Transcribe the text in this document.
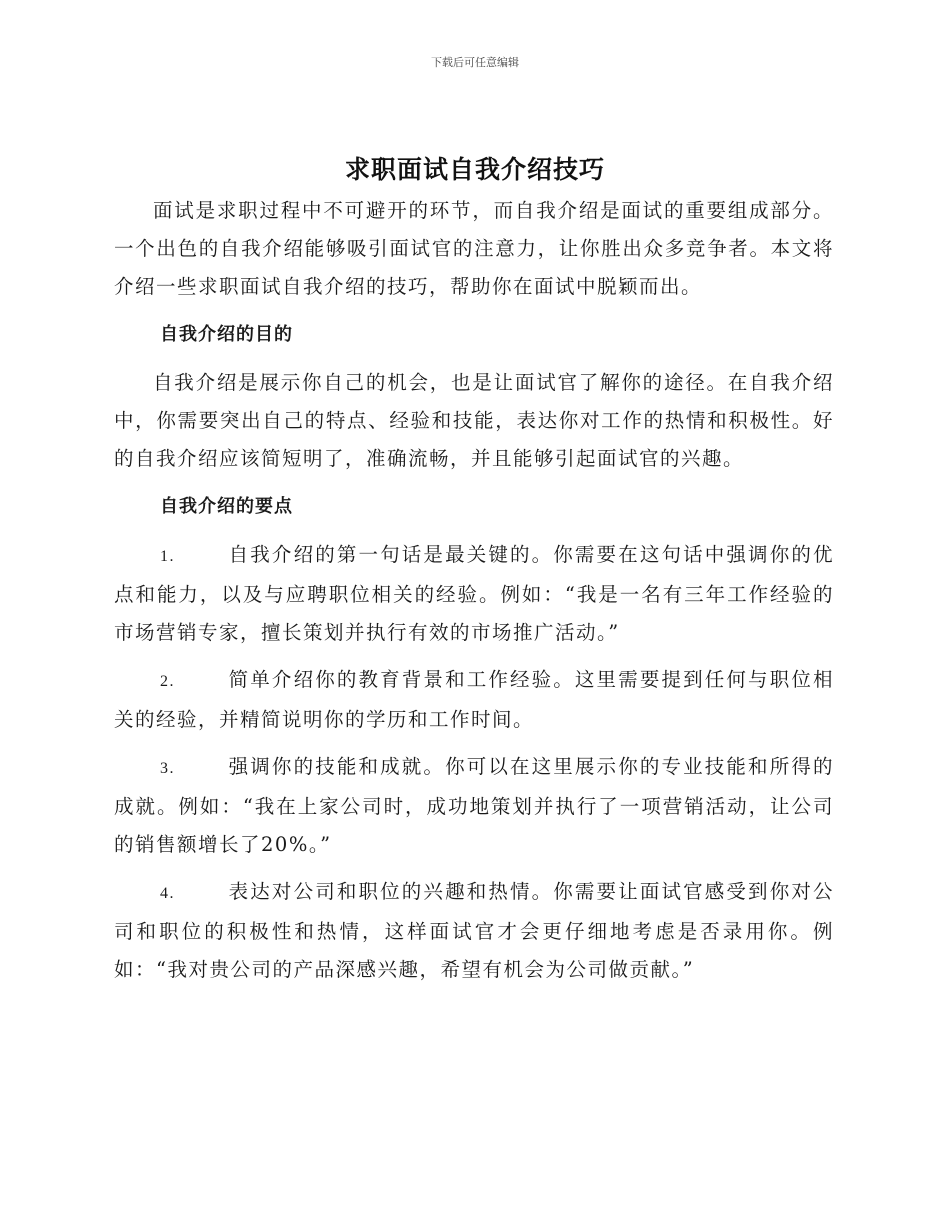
下载后可任意编辑
求职面试自我介绍技巧

面试是求职过程中不可避开的环节，而自我介绍是面试的重要组成部分。一个出色的自我介绍能够吸引面试官的注意力，让你胜出众多竞争者。本文将介绍一些求职面试自我介绍的技巧，帮助你在面试中脱颖而出。

自我介绍的目的

自我介绍是展示你自己的机会，也是让面试官了解你的途径。在自我介绍中，你需要突出自己的特点、经验和技能，表达你对工作的热情和积极性。好的自我介绍应该简短明了，准确流畅，并且能够引起面试官的兴趣。

自我介绍的要点

1.	自我介绍的第一句话是最关键的。你需要在这句话中强调你的优点和能力，以及与应聘职位相关的经验。例如：“我是一名有三年工作经验的市场营销专家，擅长策划并执行有效的市场推广活动。”

2.	简单介绍你的教育背景和工作经验。这里需要提到任何与职位相关的经验，并精简说明你的学历和工作时间。

3.	强调你的技能和成就。你可以在这里展示你的专业技能和所得的成就。例如：“我在上家公司时，成功地策划并执行了一项营销活动，让公司的销售额增长了20%。”

4.	表达对公司和职位的兴趣和热情。你需要让面试官感受到你对公司和职位的积极性和热情，这样面试官才会更仔细地考虑是否录用你。例如：“我对贵公司的产品深感兴趣，希望有机会为公司做贡献。”
